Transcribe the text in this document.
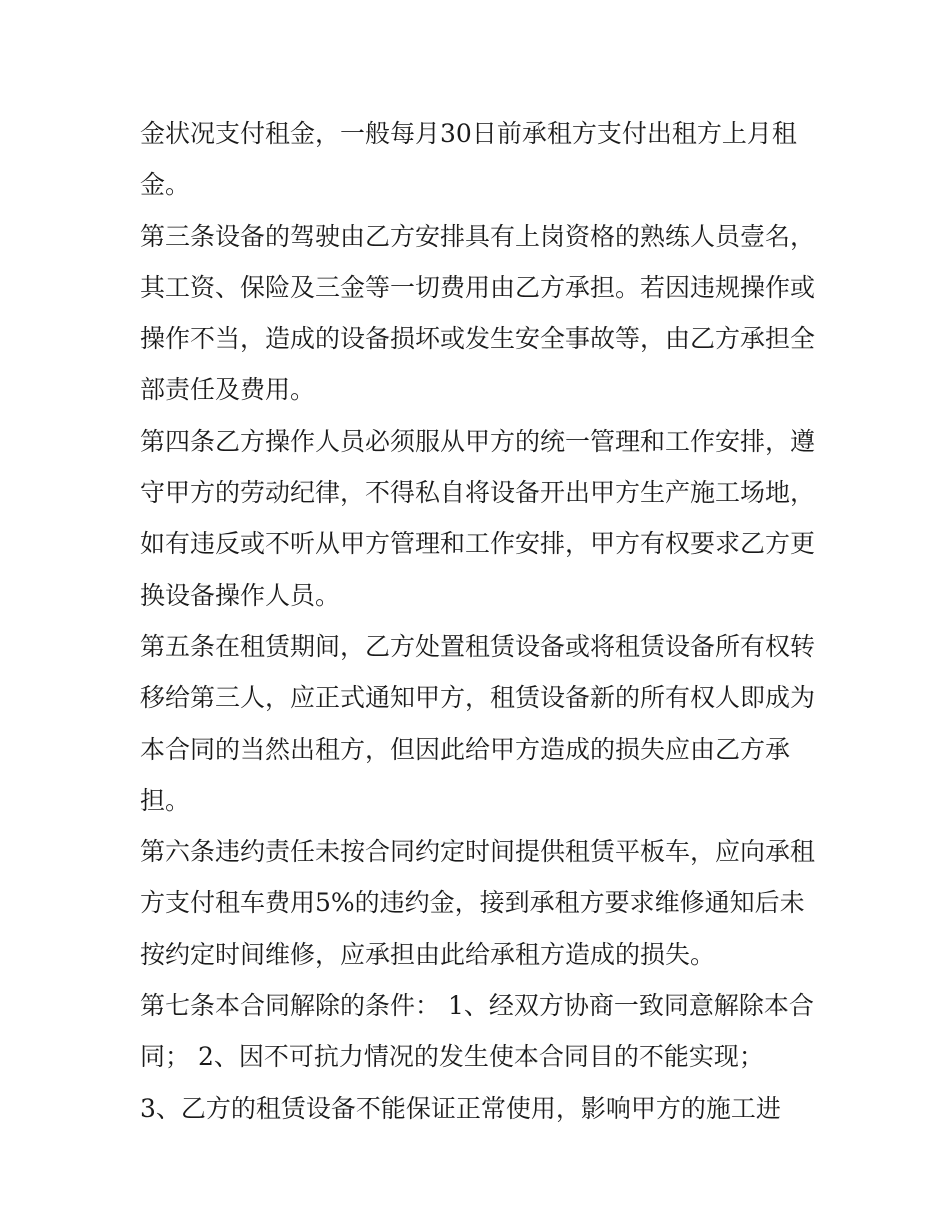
金状况支付租金，一般每月30日前承租方支付出租方上月租
金。
第三条设备的驾驶由乙方安排具有上岗资格的熟练人员壹名，
其工资、保险及三金等一切费用由乙方承担。若因违规操作或
操作不当，造成的设备损坏或发生安全事故等，由乙方承担全
部责任及费用。
第四条乙方操作人员必须服从甲方的统一管理和工作安排，遵
守甲方的劳动纪律，不得私自将设备开出甲方生产施工场地，
如有违反或不听从甲方管理和工作安排，甲方有权要求乙方更
换设备操作人员。
第五条在租赁期间，乙方处置租赁设备或将租赁设备所有权转
移给第三人，应正式通知甲方，租赁设备新的所有权人即成为
本合同的当然出租方，但因此给甲方造成的损失应由乙方承
担。
第六条违约责任未按合同约定时间提供租赁平板车，应向承租
方支付租车费用5%的违约金，接到承租方要求维修通知后未
按约定时间维修，应承担由此给承租方造成的损失。
第七条本合同解除的条件： 1、经双方协商一致同意解除本合
同； 2、因不可抗力情况的发生使本合同目的不能实现；
3、乙方的租赁设备不能保证正常使用，影响甲方的施工进
